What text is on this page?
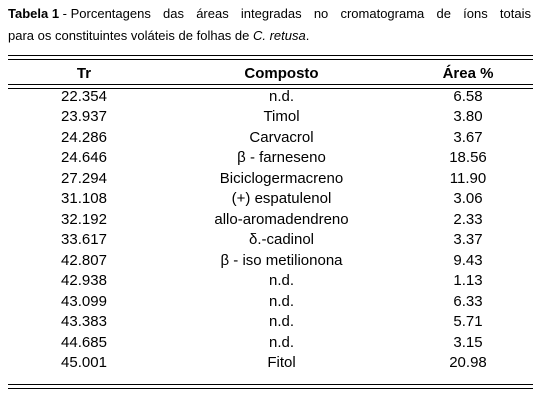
Tabela 1 - Porcentagens das áreas integradas no cromatograma de íons totais
para os constituintes voláteis de folhas de C. retusa.
Tr	Composto	Área %
22.354	n.d.	6.58
23.937	Timol	3.80
24.286	Carvacrol	3.67
24.646	β - farneseno	18.56
27.294	Biciclogermacreno	11.90
31.108	(+) espatulenol	3.06
32.192	allo-aromadendreno	2.33
33.617	δ.-cadinol	3.37
42.807	β - iso metilionona	9.43
42.938	n.d.	1.13
43.099	n.d.	6.33
43.383	n.d.	5.71
44.685	n.d.	3.15
45.001	Fitol	20.98
